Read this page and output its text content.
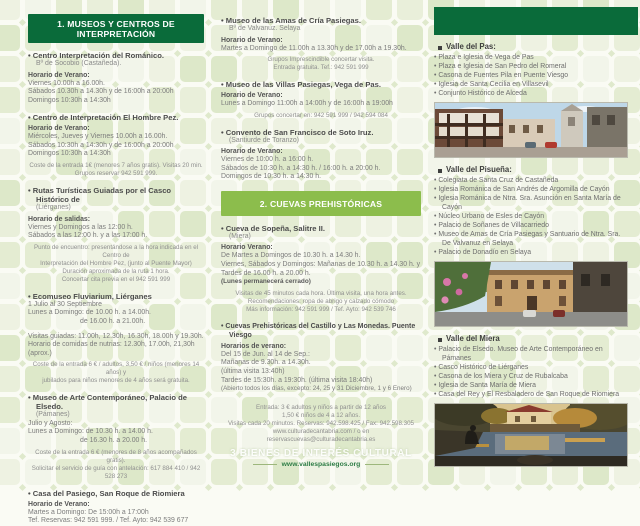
1. MUSEOS Y CENTROS DE INTERPRETACIÓN
• Centro Interpretación del Románico.
Bº de Socobio (Castañeda).
Horario de Verano:
Viernes 10.00h a 16.00h.
Sábados 10.30h a 14.30h y de 16:00h a 20:00h
Domingos 10:30h a 14:30h
• Centro de Interpretación El Hombre Pez.
Horario de Verano:
Miércoles, Jueves y Viernes 10.00h a 16.00h.
Sábados 10:30h a 14:30h y de 16:00h a 20:00h
Domingos 10:30h a 14:30h
Coste de la entrada 1€ (menores 7 años gratis). Visitas 20 min.
Grupos reservar 942 591 999.
• Rutas Turísticas Guiadas por el Casco Histórico de
(Liérganes)
Horario de salidas:
Viernes y Domingos a las 12:00 h.
Sábados a las 12:00 h. y a las 17:00 h.
Punto de encuentro: presentándose a la hora indicada en el Centro de
Interpretación del Hombre Pez, (junto al Puente Mayor)
Duración aproximada de la ruta 1 hora.
Concertar cita previa en el 942 591 999
• Ecomuseo Fluviarium, Liérganes
1 Julio al 30 Septiembre
Lunes a Domingo: de 10.00 h. a 14.00h.
de 16.00 h. a 21.00h.
Visitas guiadas: 11.00h, 12.30h, 16.30h, 18.00h y 19.30h.
Horario de comidas de nutrias: 12.30h, 17.00h, 21,30h (aprox.)
Coste de la entrada 6 € / adultos, 3,50 € / niños (menores 14 años) y
jubilados para niños menores de 4 años será gratuita.
• Museo de Arte Contemporáneo, Palacio de Elsedo.
(Pámanes)
Julio y Agosto:
Lunes a Domingo: de 10.30 h. a 14.00 h.
de 16.30 h. a 20.00 h.
Coste de la entrada 6 € (menores de 8 años acompañados gratis).
Solicitar el servicio de guía con antelación: 617 884 410 / 942 528 273
• Casa del Pasiego, San Roque de Riomiera
Horario de Verano:
Martes a Domingo: De 15:00h a 17:00h
Tef. Reservas: 942 591 999. / Tef. Ayto: 942 539 677
• Museo de las Amas de Cría Pasiegas.
Bº de Valvanuz. Selaya
Horario de Verano:
Martes a Domingo de 11.00h a 13.30h y de 17.00h a 19.30h.
Grupos Imprescindible concertar visita.
Entrada gratuita. Tef.: 942 591 999
• Museo de las Villas Pasiegas, Vega de Pas.
Horario de Verano:
Lunes a Domingo 11:00h a 14:00h y de 16:00h a 19:00h
Grupos concertar en: 942 591 999 / 942 594 084
• Convento de San Francisco de Soto Iruz.
(Santiurde de Toranzo)
Horario de Verano:
Viernes de 10:00 h. a 16:00 h.
Sábados de 10:30 h. a 14:30 h. / 16:00 h. a 20:00 h.
Domingos de 10:30 h. a 14:30 h.
2. CUEVAS PREHISTÓRICAS
• Cueva de Sopeña, Salitre II.
(Miera)
Horario Verano:
De Martes a Domingos de 10.30 h. a 14.30 h.
Viernes, Sábados y Domingos: Mañanas de 10.30 h. a 14.30 h. y
Tardes de 16.00 h. a 20.00 h.
(Lunes permanecerá cerrado)
Visitas de 45 minutos cada hora. Última visita, una hora antes.
Recomendaciones: ropa de abrigo y calzado cómodo
Más información: 942 591 999 / Tef. Ayto: 942 539 746
• Cuevas Prehistóricas del Castillo y Las Monedas. Puente Viesgo
Horarios de verano:
Del 15 de Jun. al 14 de Sep.:
Mañanas de 9.30h. a 14.30h.
(última visita 13:40h)
Tardes de 15:30h. a 19:30h. (última visita 18:40h)
(Abierto todos los días, excepto: 24, 25 y 31 Diciembre, 1 y 6 Enero)
Entrada: 3 € adultos y niños a partir de 12 años
1,50 € niños de 4 a 12 años.
Visitas cada 20 minutos. Reservas: 942.598.425 / Fax: 942.598.305
www.culturadecantabria.com / o en reservascuevas@culturadecantabria.es
3 BIENES DE INTERÉS CULTURAL
www.vallespasiegos.org
Valle del Pas:
• Plaza e Iglesia de Vega de Pas
• Plaza e Iglesia de San Pedro del Romeral
• Casona de Fuentes Pila en Puente Viesgo
• Iglesia de Santa Cecilia en Villasevil
• Conjunto Histórico de Alceda
Valle del Pisueña:
• Colegiata de Santa Cruz de Castañeda
• Iglesia Románica de San Andrés de Argomilla de Cayón
• Iglesia Románica de Ntra. Sra. Asunción en Santa María de Cayón
• Núcleo Urbano de Esles de Cayón
• Palacio de Soñanes de Villacarriedo
• Museo de Amas de Cría Pasiegas y Santuario de Ntra. Sra. De Valvanuz en Selaya
• Palacio de Donadío en Selaya
Valle del Miera
• Palacio de Elsedo. Museo de Arte Contemporáneo en Pámanes
• Casco Histórico de Liérganes
• Casona de los Miera y Cruz de Rubalcaba
• Iglesia de Santa María de Miera
• Casa del Rey y El Resbaladero de San Roque de Riomiera
